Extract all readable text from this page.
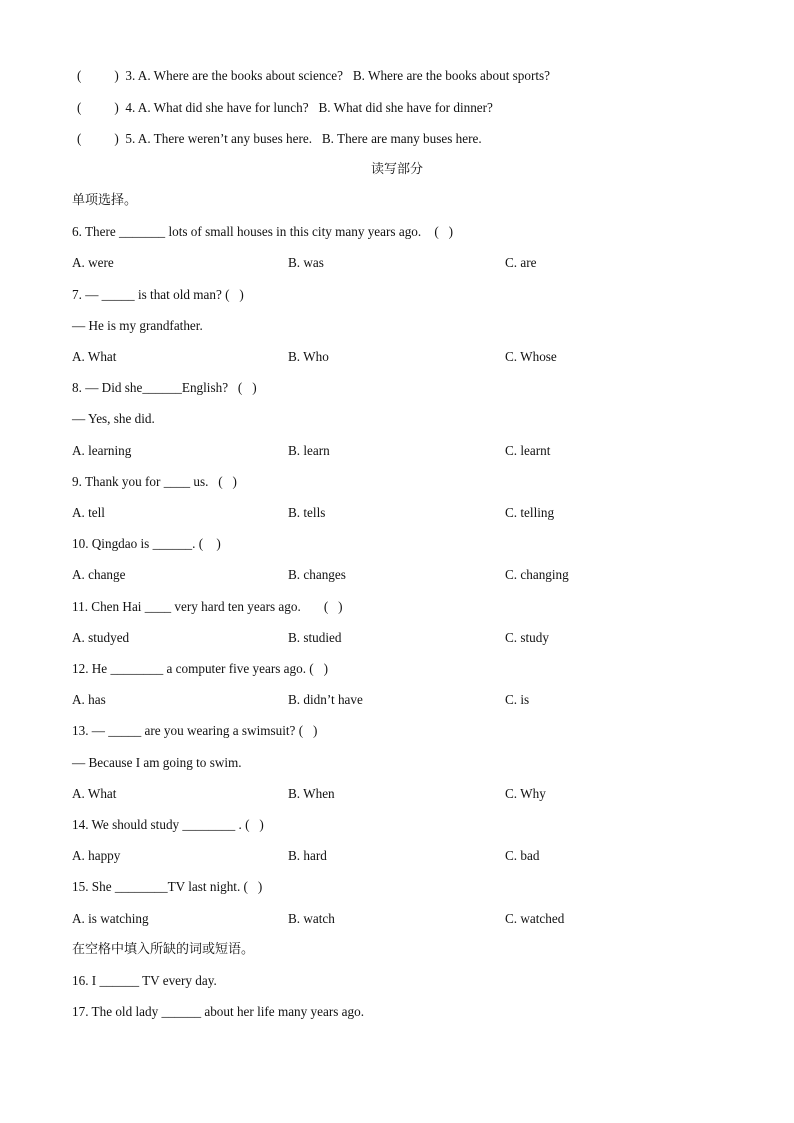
(          )  3. A. Where are the books about science?   B. Where are the books about sports?
(          )  4. A. What did she have for lunch?   B. What did she have for dinner?
(          )  5. A. There weren’t any buses here.   B. There are many buses here.
读写部分
单项选择。
6. There _______ lots of small houses in this city many years ago.    (   )
A. were	B. was	C. are
7. — _____ is that old man? (   )
— He is my grandfather.
A. What	B. Who	C. Whose
8. — Did she______English?   (   )
— Yes, she did.
A. learning	B. learn	C. learnt
9. Thank you for ____ us.   (   )
A. tell	B. tells	C. telling
10. Qingdao is ______. (    )
A. change	B. changes	C. changing
11. Chen Hai ____ very hard ten years ago.       (   )
A. studyed	B. studied	C. study
12. He ________ a computer five years ago. (   )
A. has	B. didn’t have	C. is
13. — _____ are you wearing a swimsuit? (   )
— Because I am going to swim.
A. What	B. When	C. Why
14. We should study ________ . (   )
A. happy	B. hard	C. bad
15. She ________TV last night. (   )
A. is watching	B. watch	C. watched
在空格中填入所缺的词或短语。
16. I ______ TV every day.
17. The old lady ______ about her life many years ago.
